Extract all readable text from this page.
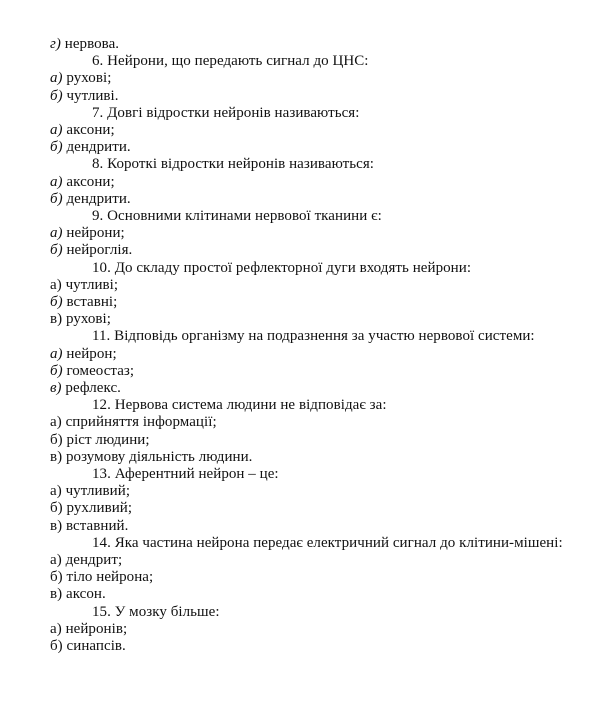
г) нервова.
6. Нейрони, що передають сигнал до ЦНС:
а) рухові;
б) чутливі.
7. Довгі відростки нейронів називаються:
а) аксони;
б) дендрити.
8. Короткі відростки нейронів називаються:
а) аксони;
б) дендрити.
9. Основними клітинами нервової тканини є:
а) нейрони;
б) нейроглія.
10. До складу простої рефлекторної дуги входять нейрони:
а) чутливі;
б) вставні;
в) рухові;
11. Відповідь організму на подразнення за участю нервової системи:
а) нейрон;
б) гомеостаз;
в) рефлекс.
12. Нервова система людини не відповідає за:
а) сприйняття інформації;
б) ріст людини;
в) розумову діяльність людини.
13. Аферентний нейрон – це:
а) чутливий;
б) рухливий;
в) вставний.
14. Яка частина нейрона передає електричний сигнал до клітини-мішені:
а) дендрит;
б) тіло нейрона;
в) аксон.
15. У мозку більше:
а) нейронів;
б) синапсів.
